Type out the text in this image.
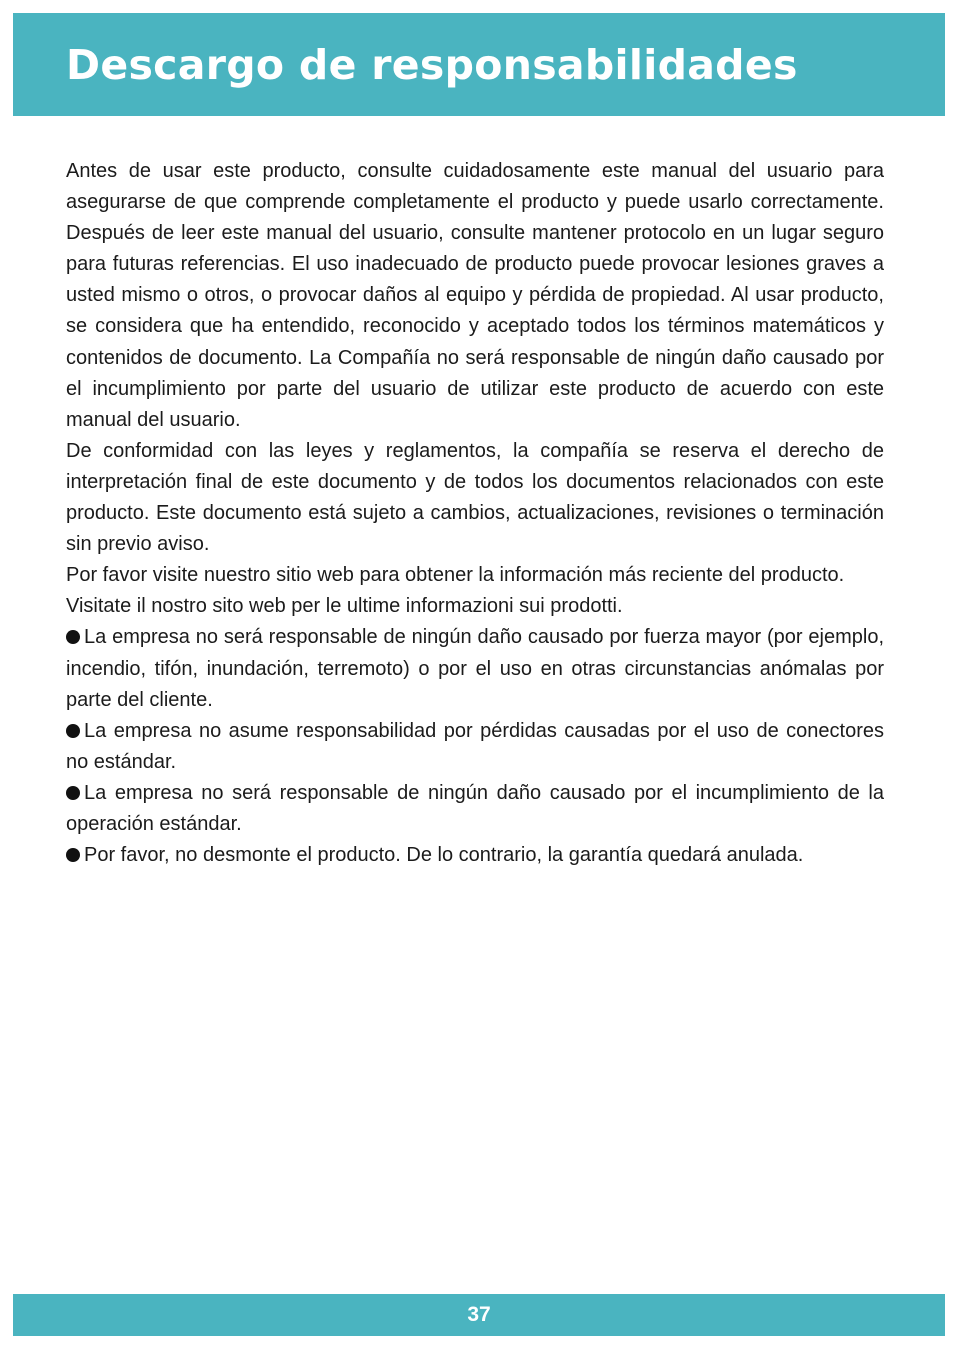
Descargo de responsabilidades

Antes de usar este producto, consulte cuidadosamente este manual del usuario para asegurarse de que comprende completamente el producto y puede usarlo correctamente. Después de leer este manual del usuario, consulte mantener protocolo en un lugar seguro para futuras referencias. El uso inadecuado de producto puede provocar lesiones graves a usted mismo o otros, o provocar daños al equipo y pérdida de propiedad. Al usar producto, se considera que ha entendido, reconocido y aceptado todos los términos matemáticos y contenidos de documento. La Compañía no será responsable de ningún daño causado por el incumplimiento por parte del usuario de utilizar este producto de acuerdo con este manual del usuario.

De conformidad con las leyes y reglamentos, la compañía se reserva el derecho de interpretación final de este documento y de todos los documentos relacionados con este producto. Este documento está sujeto a cambios, actualizaciones, revisiones o terminación sin previo aviso.

Por favor visite nuestro sitio web para obtener la información más reciente del producto.

Visitate il nostro sito web per le ultime informazioni sui prodotti.

La empresa no será responsable de ningún daño causado por fuerza mayor (por ejemplo, incendio, tifón, inundación, terremoto) o por el uso en otras circunstancias anómalas por parte del cliente.

La empresa no asume responsabilidad por pérdidas causadas por el uso de conectores no estándar.

La empresa no será responsable de ningún daño causado por el incumplimiento de la operación estándar.

Por favor, no desmonte el producto. De lo contrario, la garantía quedará anulada.

37
